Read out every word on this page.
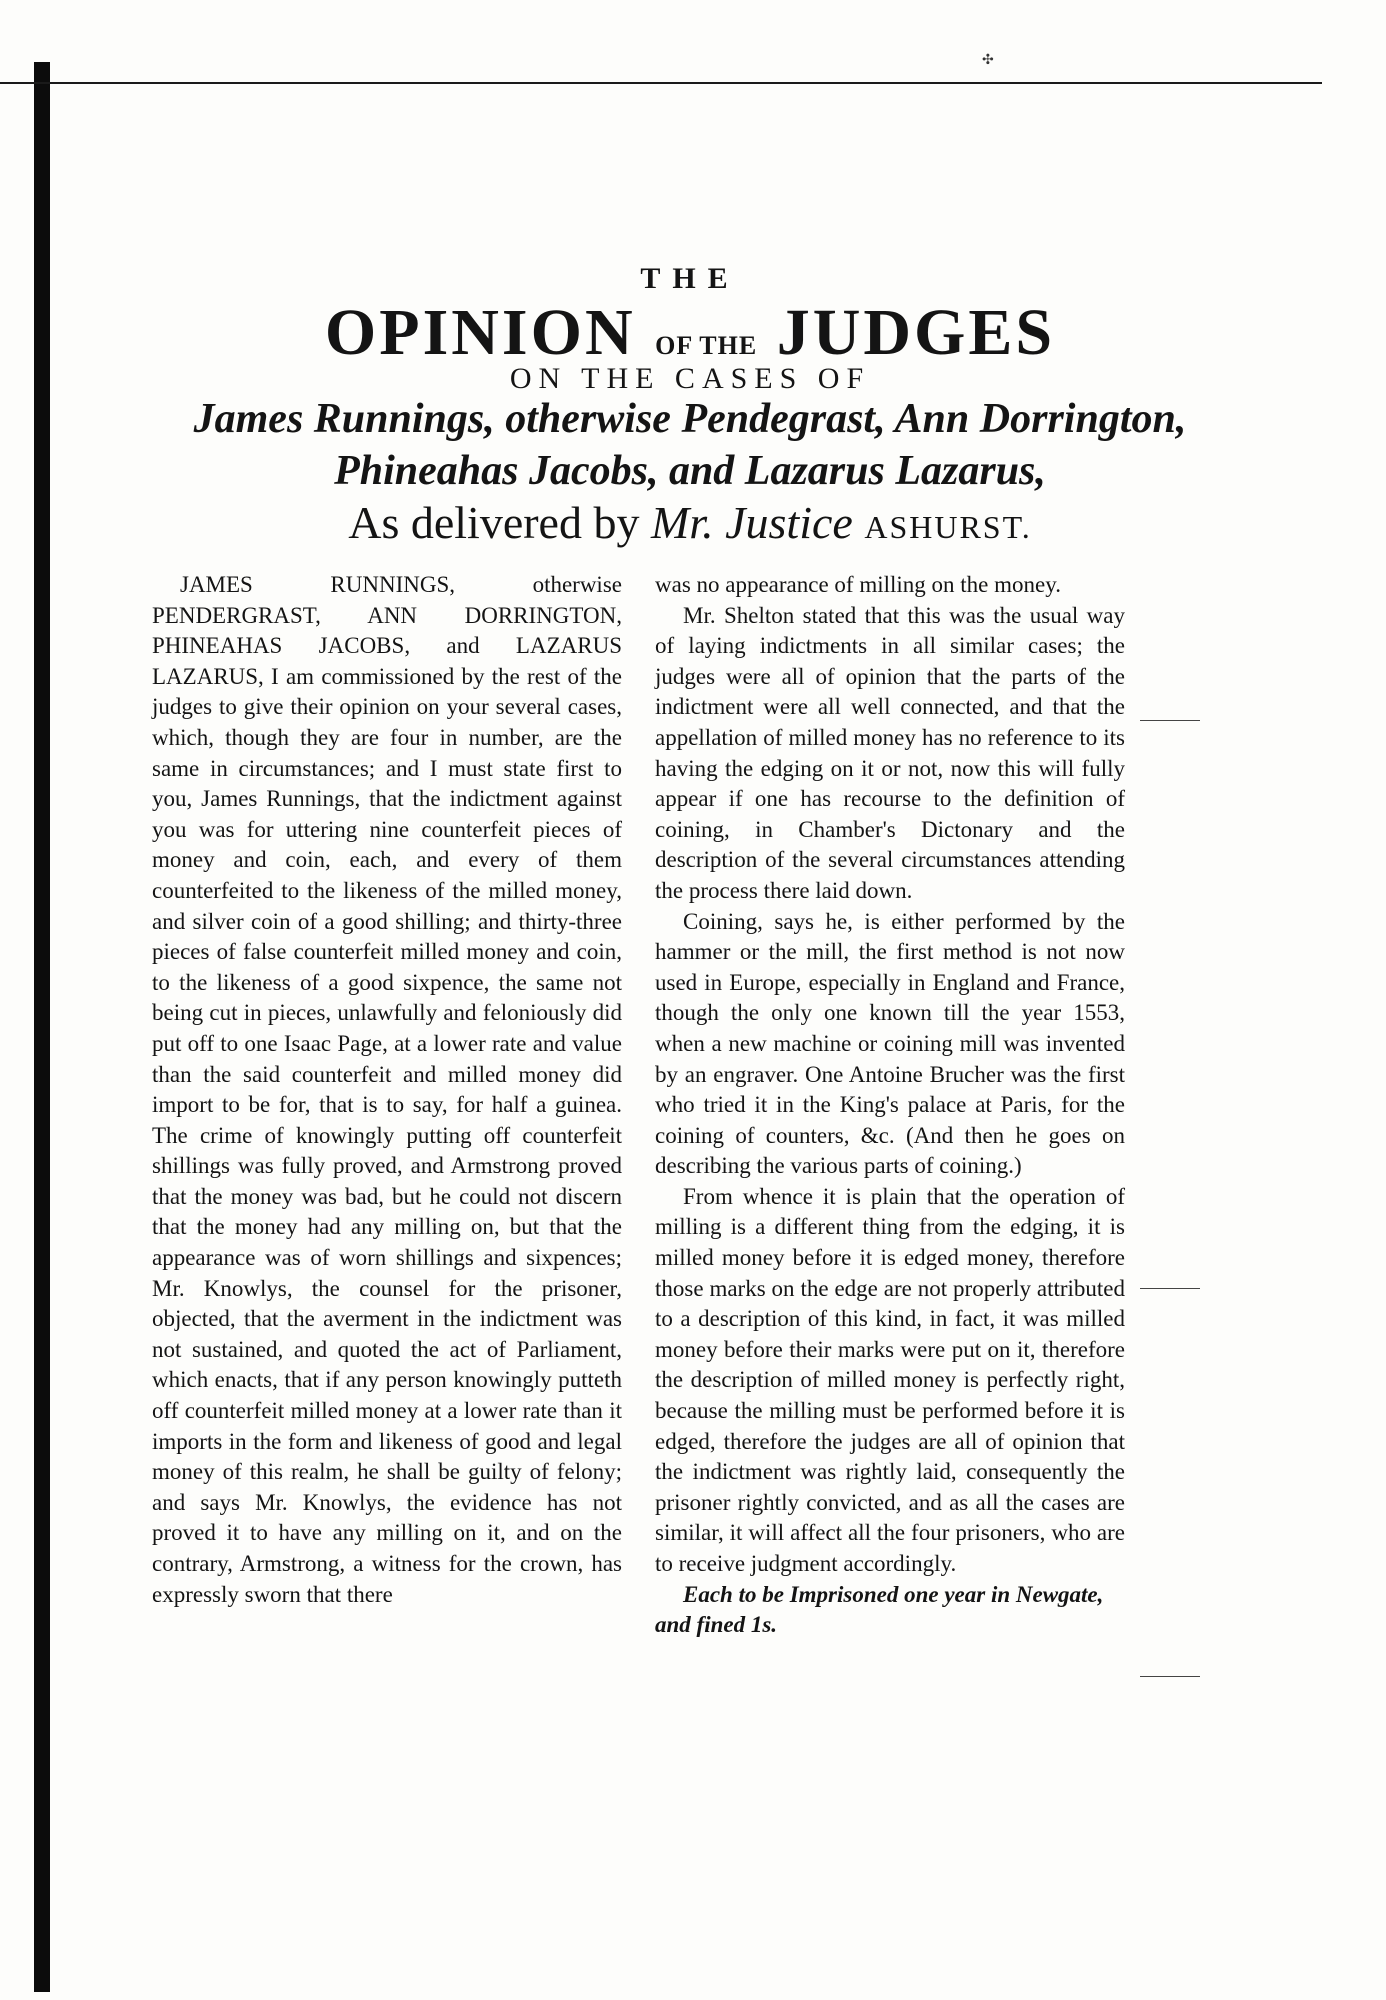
✣
THE
OPINION OF THE JUDGES
ON THE CASES OF
James Runnings, otherwise Pendegrast, Ann Dorrington,
Phineahas Jacobs, and Lazarus Lazarus,
As delivered by Mr. Justice ASHURST.

JAMES RUNNINGS, otherwise PENDERGRAST, ANN DORRINGTON, PHINEAHAS JACOBS, and LAZARUS LAZARUS, I am commissioned by the rest of the judges to give their opinion on your several cases, which, though they are four in number, are the same in circumstances; and I must state first to you, James Runnings, that the indictment against you was for uttering nine counterfeit pieces of money and coin, each, and every of them counterfeited to the likeness of the milled money, and silver coin of a good shilling; and thirty-three pieces of false counterfeit milled money and coin, to the likeness of a good sixpence, the same not being cut in pieces, unlawfully and feloniously did put off to one Isaac Page, at a lower rate and value than the said counterfeit and milled money did import to be for, that is to say, for half a guinea. The crime of knowingly putting off counterfeit shillings was fully proved, and Armstrong proved that the money was bad, but he could not discern that the money had any milling on, but that the appearance was of worn shillings and sixpences; Mr. Knowlys, the counsel for the prisoner, objected, that the averment in the indictment was not sustained, and quoted the act of Parliament, which enacts, that if any person knowingly putteth off counterfeit milled money at a lower rate than it imports in the form and likeness of good and legal money of this realm, he shall be guilty of felony; and says Mr. Knowlys, the evidence has not proved it to have any milling on it, and on the contrary, Armstrong, a witness for the crown, has expressly sworn that there

was no appearance of milling on the money.

Mr. Shelton stated that this was the usual way of laying indictments in all similar cases; the judges were all of opinion that the parts of the indictment were all well connected, and that the appellation of milled money has no reference to its having the edging on it or not, now this will fully appear if one has recourse to the definition of coining, in Chamber's Dictonary and the description of the several circumstances attending the process there laid down.

Coining, says he, is either performed by the hammer or the mill, the first method is not now used in Europe, especially in England and France, though the only one known till the year 1553, when a new machine or coining mill was invented by an engraver. One Antoine Brucher was the first who tried it in the King's palace at Paris, for the coining of counters, &c. (And then he goes on describing the various parts of coining.)

From whence it is plain that the operation of milling is a different thing from the edging, it is milled money before it is edged money, therefore those marks on the edge are not properly attributed to a description of this kind, in fact, it was milled money before their marks were put on it, therefore the description of milled money is perfectly right, because the milling must be performed before it is edged, therefore the judges are all of opinion that the indictment was rightly laid, consequently the prisoner rightly convicted, and as all the cases are similar, it will affect all the four prisoners, who are to receive judgment accordingly.

Each to be Imprisoned one year in Newgate, and fined 1s.
